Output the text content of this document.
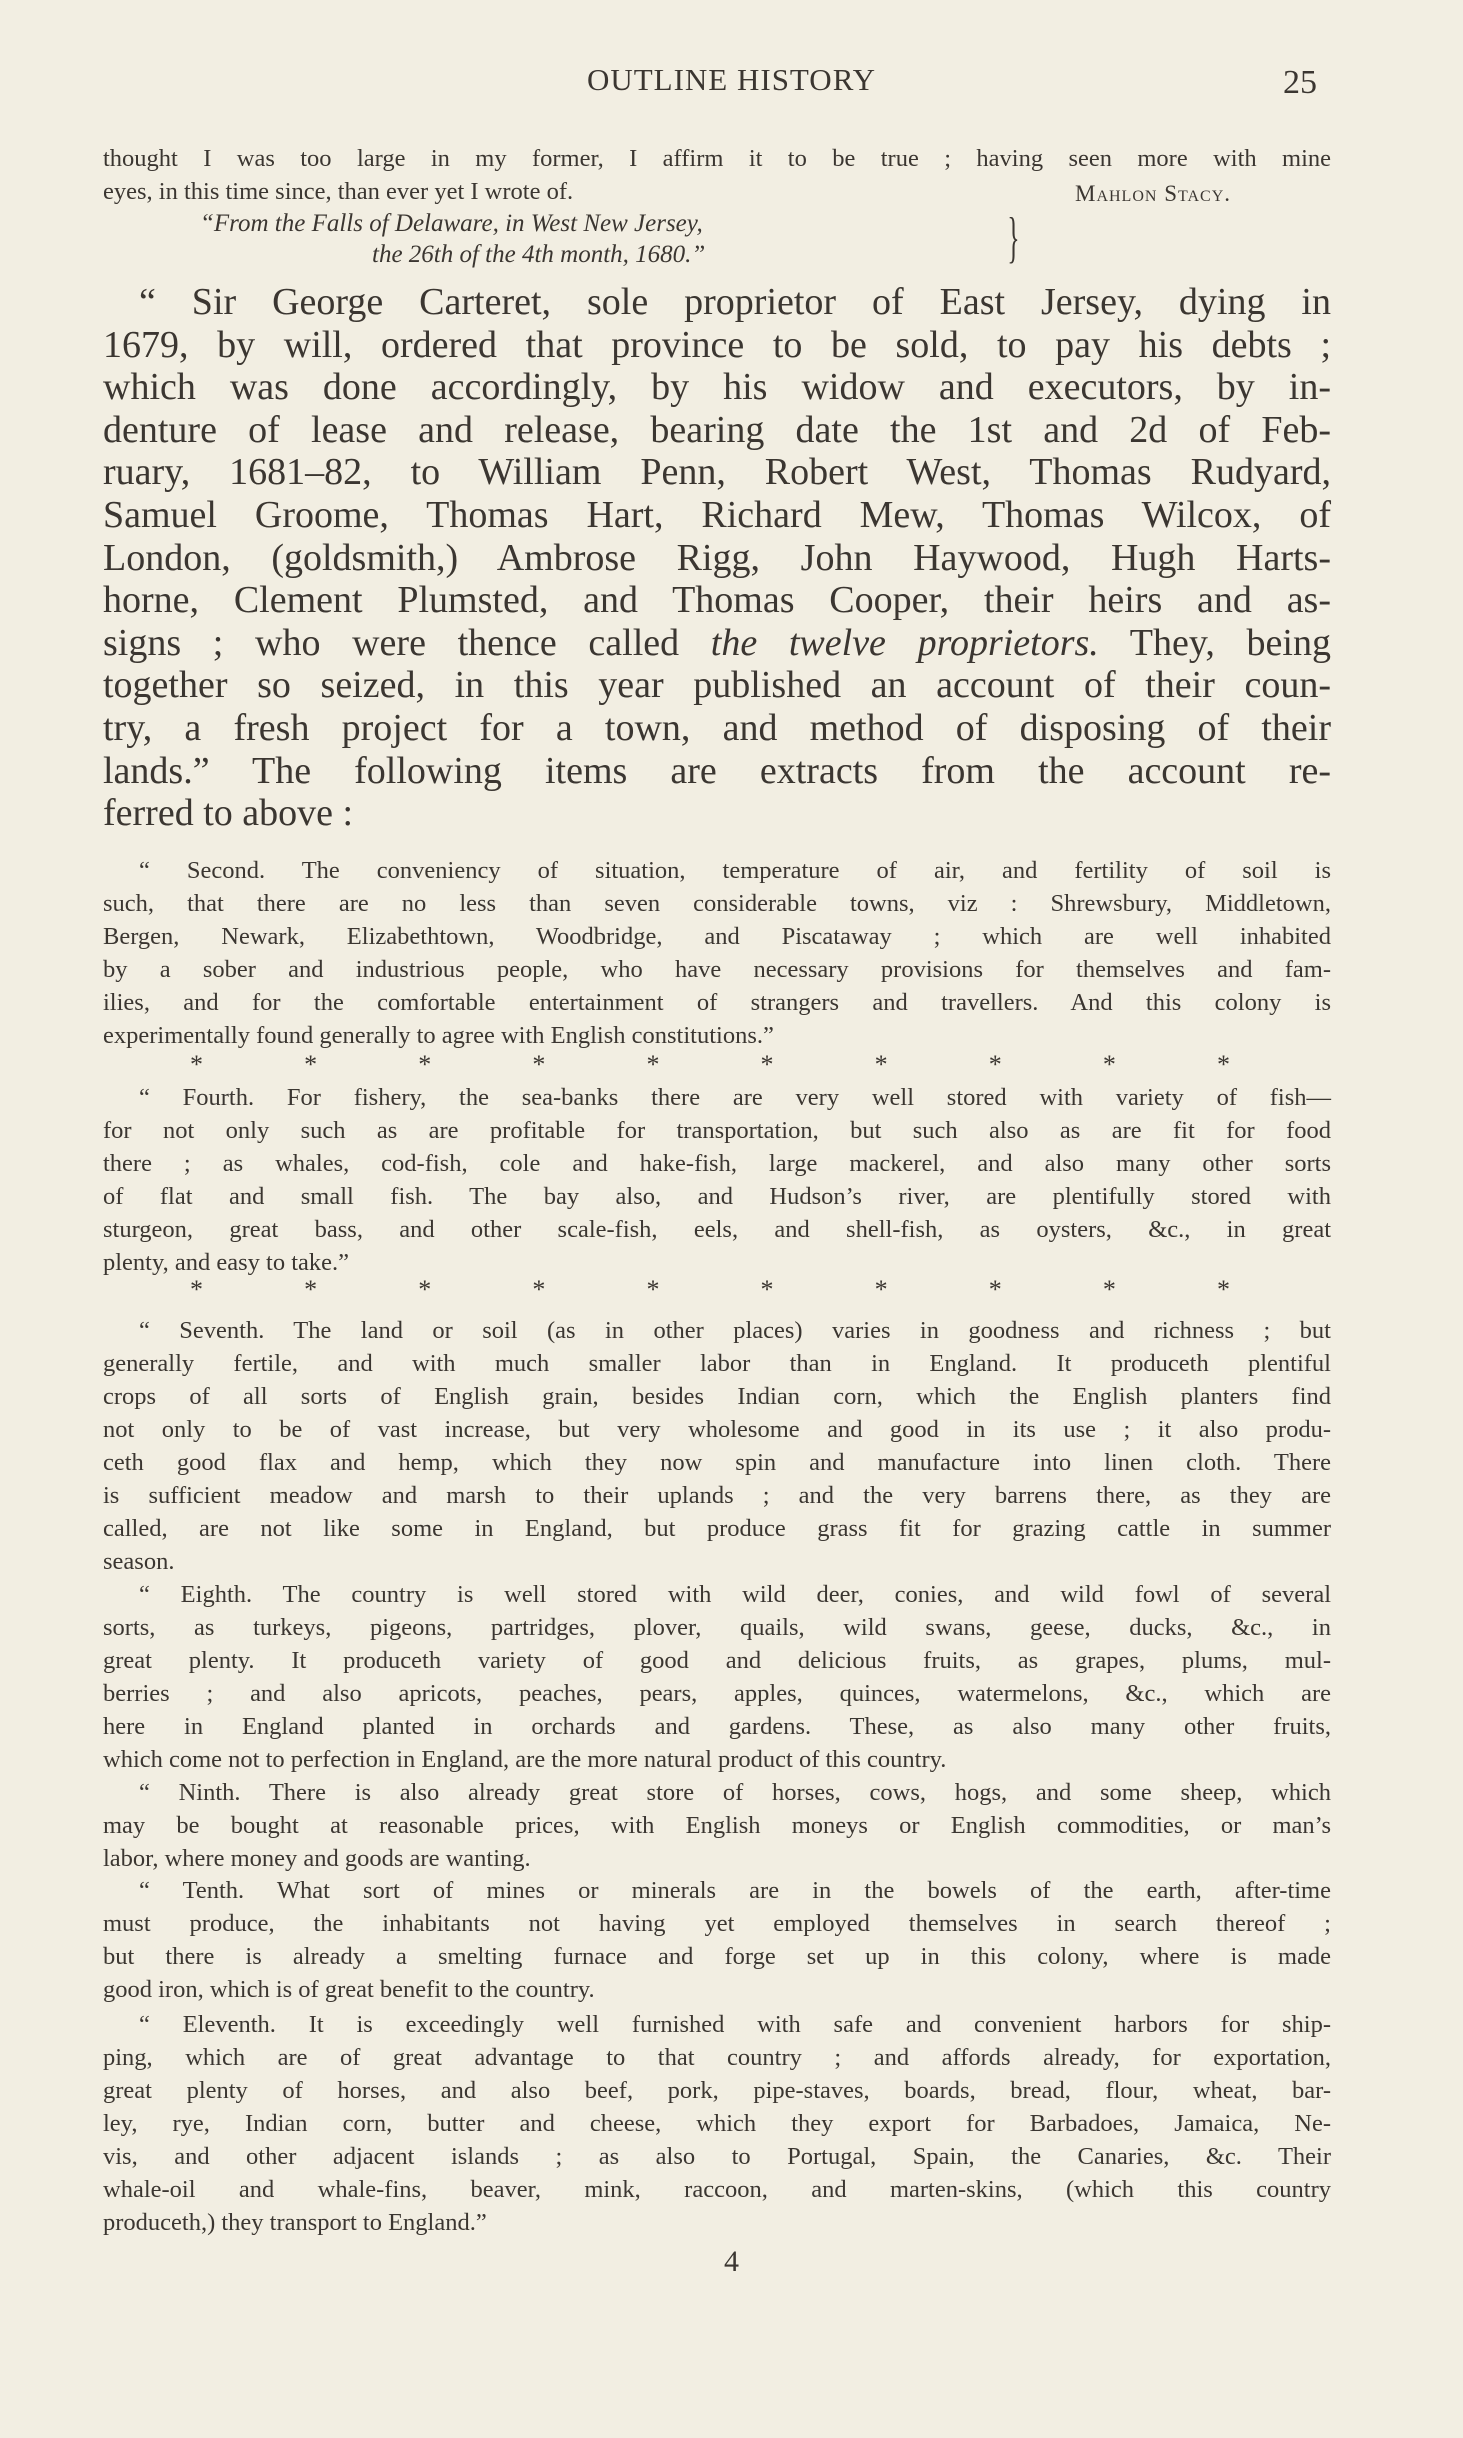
OUTLINE HISTORY	25
thought I was too large in my former, I affirm it to be true ; having seen more with mine
eyes, in this time since, than ever yet I wrote of.	Mahlon Stacy.
“From the Falls of Delaware, in West New Jersey,
the 26th of the 4th month, 1680.”	}
“ Sir George Carteret, sole proprietor of East Jersey, dying in
1679, by will, ordered that province to be sold, to pay his debts ;
which was done accordingly, by his widow and executors, by in-
denture of lease and release, bearing date the 1st and 2d of Feb-
ruary, 1681–82, to William Penn, Robert West, Thomas Rudyard,
Samuel Groome, Thomas Hart, Richard Mew, Thomas Wilcox, of
London, (goldsmith,) Ambrose Rigg, John Haywood, Hugh Harts-
horne, Clement Plumsted, and Thomas Cooper, their heirs and as-
signs ; who were thence called the twelve proprietors. They, being
together so seized, in this year published an account of their coun-
try, a fresh project for a town, and method of disposing of their
lands.” The following items are extracts from the account re-
ferred to above :
“ Second. The conveniency of situation, temperature of air, and fertility of soil is
such, that there are no less than seven considerable towns, viz : Shrewsbury, Middletown,
Bergen, Newark, Elizabethtown, Woodbridge, and Piscataway ; which are well inhabited
by a sober and industrious people, who have necessary provisions for themselves and fam-
ilies, and for the comfortable entertainment of strangers and travellers. And this colony is
experimentally found generally to agree with English constitutions.”
*	*	*	*	*	*	*	*	*	*
“ Fourth. For fishery, the sea-banks there are very well stored with variety of fish—
for not only such as are profitable for transportation, but such also as are fit for food
there ; as whales, cod-fish, cole and hake-fish, large mackerel, and also many other sorts
of flat and small fish. The bay also, and Hudson’s river, are plentifully stored with
sturgeon, great bass, and other scale-fish, eels, and shell-fish, as oysters, &c., in great
plenty, and easy to take.”
*	*	*	*	*	*	*	*	*	*
“ Seventh. The land or soil (as in other places) varies in goodness and richness ; but
generally fertile, and with much smaller labor than in England. It produceth plentiful
crops of all sorts of English grain, besides Indian corn, which the English planters find
not only to be of vast increase, but very wholesome and good in its use ; it also produ-
ceth good flax and hemp, which they now spin and manufacture into linen cloth. There
is sufficient meadow and marsh to their uplands ; and the very barrens there, as they are
called, are not like some in England, but produce grass fit for grazing cattle in summer
season.
“ Eighth. The country is well stored with wild deer, conies, and wild fowl of several
sorts, as turkeys, pigeons, partridges, plover, quails, wild swans, geese, ducks, &c., in
great plenty. It produceth variety of good and delicious fruits, as grapes, plums, mul-
berries ; and also apricots, peaches, pears, apples, quinces, watermelons, &c., which are
here in England planted in orchards and gardens. These, as also many other fruits,
which come not to perfection in England, are the more natural product of this country.
“ Ninth. There is also already great store of horses, cows, hogs, and some sheep, which
may be bought at reasonable prices, with English moneys or English commodities, or man’s
labor, where money and goods are wanting.
“ Tenth. What sort of mines or minerals are in the bowels of the earth, after-time
must produce, the inhabitants not having yet employed themselves in search thereof ;
but there is already a smelting furnace and forge set up in this colony, where is made
good iron, which is of great benefit to the country.
“ Eleventh. It is exceedingly well furnished with safe and convenient harbors for ship-
ping, which are of great advantage to that country ; and affords already, for exportation,
great plenty of horses, and also beef, pork, pipe-staves, boards, bread, flour, wheat, bar-
ley, rye, Indian corn, butter and cheese, which they export for Barbadoes, Jamaica, Ne-
vis, and other adjacent islands ; as also to Portugal, Spain, the Canaries, &c. Their
whale-oil and whale-fins, beaver, mink, raccoon, and marten-skins, (which this country
produceth,) they transport to England.”
4
